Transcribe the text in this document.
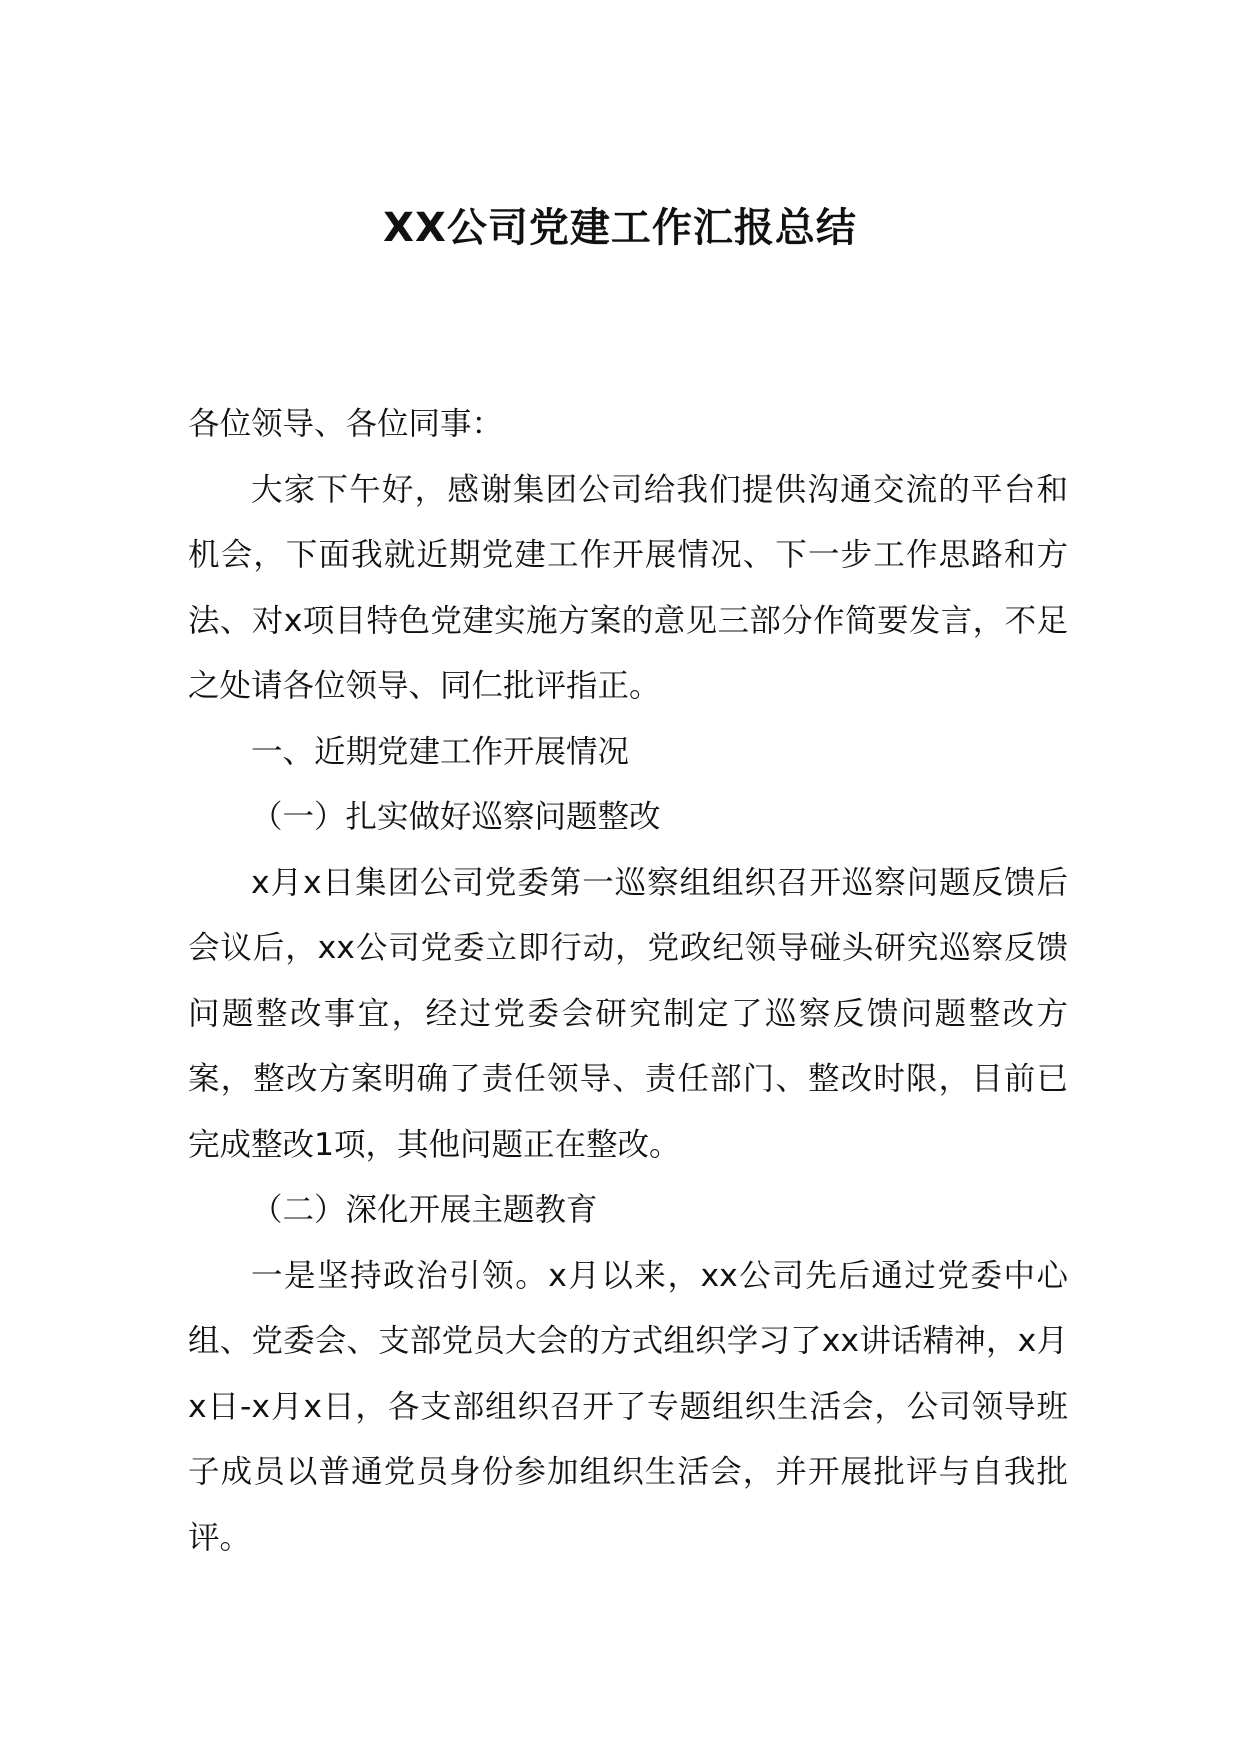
XX公司党建工作汇报总结

各位领导、各位同事：

大家下午好，感谢集团公司给我们提供沟通交流的平台和机会，下面我就近期党建工作开展情况、下一步工作思路和方法、对x项目特色党建实施方案的意见三部分作简要发言，不足之处请各位领导、同仁批评指正。

一、近期党建工作开展情况

（一）扎实做好巡察问题整改

x月x日集团公司党委第一巡察组组织召开巡察问题反馈后会议后，xx公司党委立即行动，党政纪领导碰头研究巡察反馈问题整改事宜，经过党委会研究制定了巡察反馈问题整改方案，整改方案明确了责任领导、责任部门、整改时限，目前已完成整改1项，其他问题正在整改。

（二）深化开展主题教育

一是坚持政治引领。x月以来，xx公司先后通过党委中心组、党委会、支部党员大会的方式组织学习了xx讲话精神，x月x日-x月x日，各支部组织召开了专题组织生活会，公司领导班子成员以普通党员身份参加组织生活会，并开展批评与自我批评。
